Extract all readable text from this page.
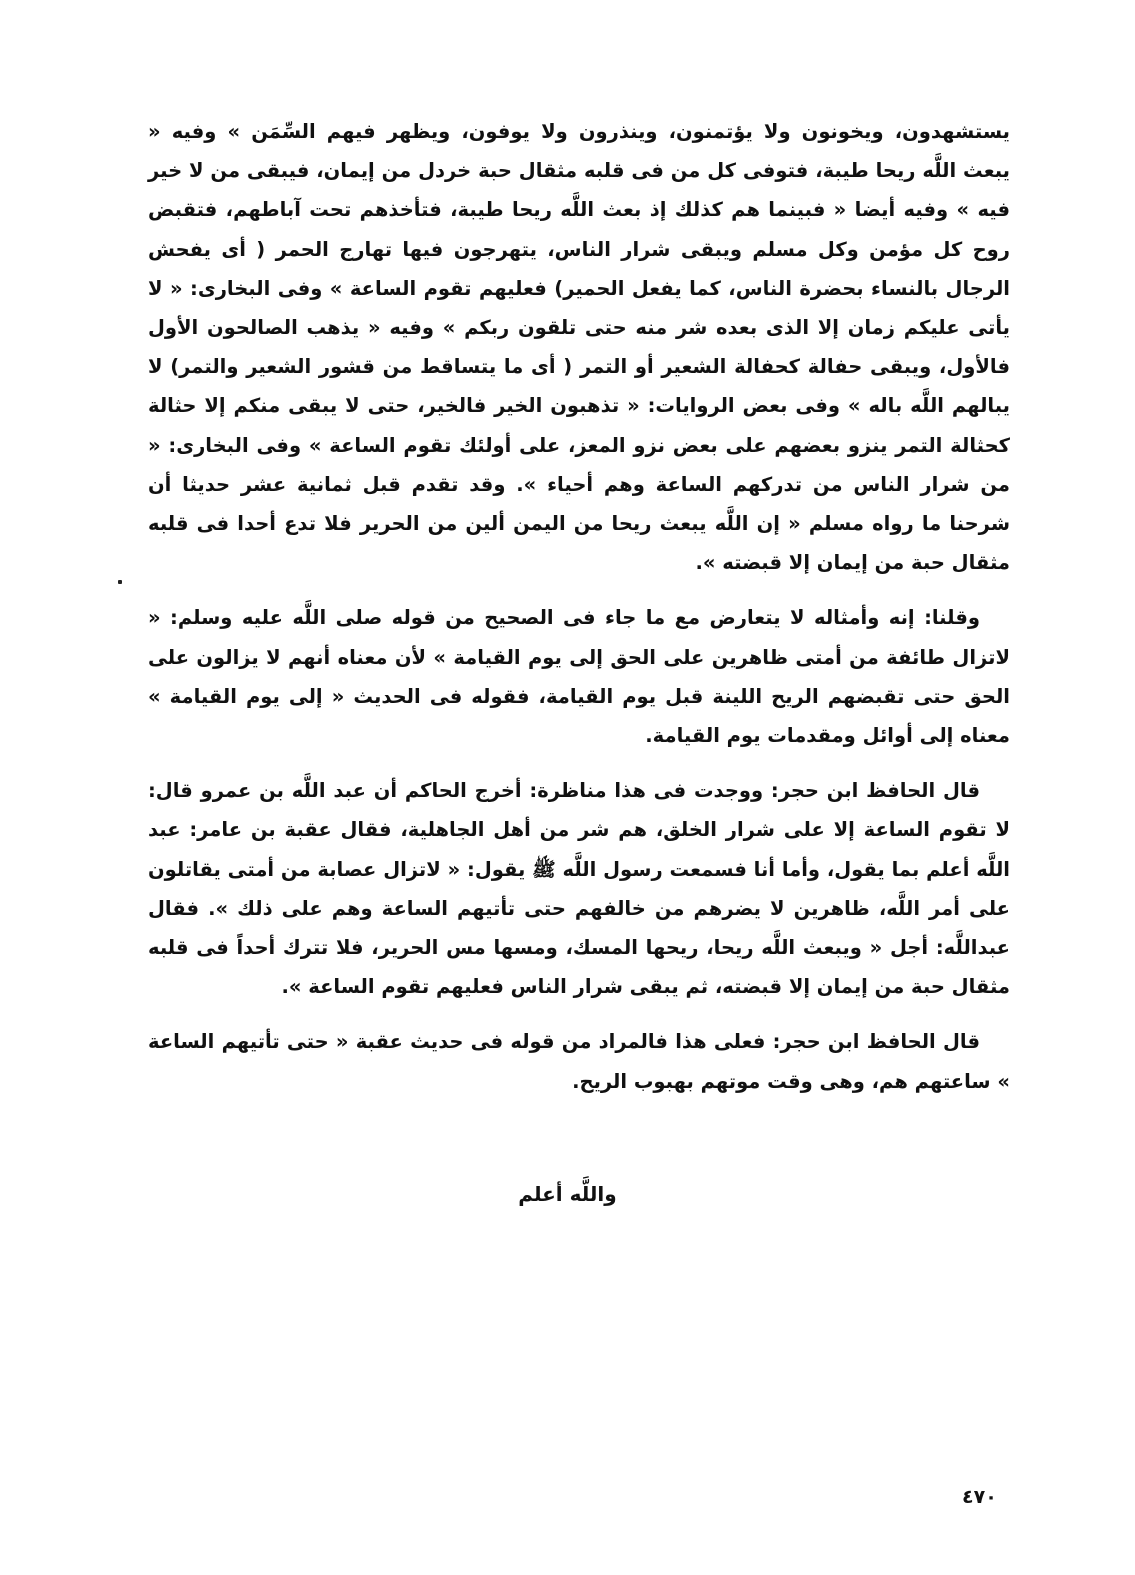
يستشهدون، ويخونون ولا يؤتمنون، وينذرون ولا يوفون، ويظهر فيهم السِّمَن » وفيه « يبعث اللَّه ريحا طيبة، فتوفى كل من فى قلبه مثقال حبة خردل من إيمان، فيبقى من لا خير فيه » وفيه أيضا « فبينما هم كذلك إذ بعث اللَّه ريحا طيبة، فتأخذهم تحت آباطهم، فتقبض روح كل مؤمن وكل مسلم ويبقى شرار الناس، يتهرجون فيها تهارج الحمر ( أى يفحش الرجال بالنساء بحضرة الناس، كما يفعل الحمير) فعليهم تقوم الساعة » وفى البخارى: « لا يأتى عليكم زمان إلا الذى بعده شر منه حتى تلقون ربكم » وفيه « يذهب الصالحون الأول فالأول، ويبقى حفالة كحفالة الشعير أو التمر ( أى ما يتساقط من قشور الشعير والتمر) لا يبالهم اللَّه باله » وفى بعض الروايات: « تذهبون الخير فالخير، حتى لا يبقى منكم إلا حثالة كحثالة التمر ينزو بعضهم على بعض نزو المعز، على أولئك تقوم الساعة » وفى البخارى: « من شرار الناس من تدركهم الساعة وهم أحياء ». وقد تقدم قبل ثمانية عشر حديثا أن شرحنا ما رواه مسلم « إن اللَّه يبعث ريحا من اليمن ألين من الحرير فلا تدع أحدا فى قلبه مثقال حبة من إيمان إلا قبضته ».

وقلنا: إنه وأمثاله لا يتعارض مع ما جاء فى الصحيح من قوله صلى اللَّه عليه وسلم: « لاتزال طائفة من أمتى ظاهرين على الحق إلى يوم القيامة » لأن معناه أنهم لا يزالون على الحق حتى تقبضهم الريح اللينة قبل يوم القيامة، فقوله فى الحديث « إلى يوم القيامة » معناه إلى أوائل ومقدمات يوم القيامة.

قال الحافظ ابن حجر: ووجدت فى هذا مناظرة: أخرج الحاكم أن عبد اللَّه بن عمرو قال: لا تقوم الساعة إلا على شرار الخلق، هم شر من أهل الجاهلية، فقال عقبة بن عامر: عبد اللَّه أعلم بما يقول، وأما أنا فسمعت رسول اللَّه ﷺ يقول: « لاتزال عصابة من أمتى يقاتلون على أمر اللَّه، ظاهرين لا يضرهم من خالفهم حتى تأتيهم الساعة وهم على ذلك ». فقال عبداللَّه: أجل « ويبعث اللَّه ريحا، ريحها المسك، ومسها مس الحرير، فلا تترك أحداً فى قلبه مثقال حبة من إيمان إلا قبضته، ثم يبقى شرار الناس فعليهم تقوم الساعة ».

قال الحافظ ابن حجر: فعلى هذا فالمراد من قوله فى حديث عقبة « حتى تأتيهم الساعة » ساعتهم هم، وهى وقت موتهم بهبوب الريح.

واللَّه أعلم
٤٧٠
